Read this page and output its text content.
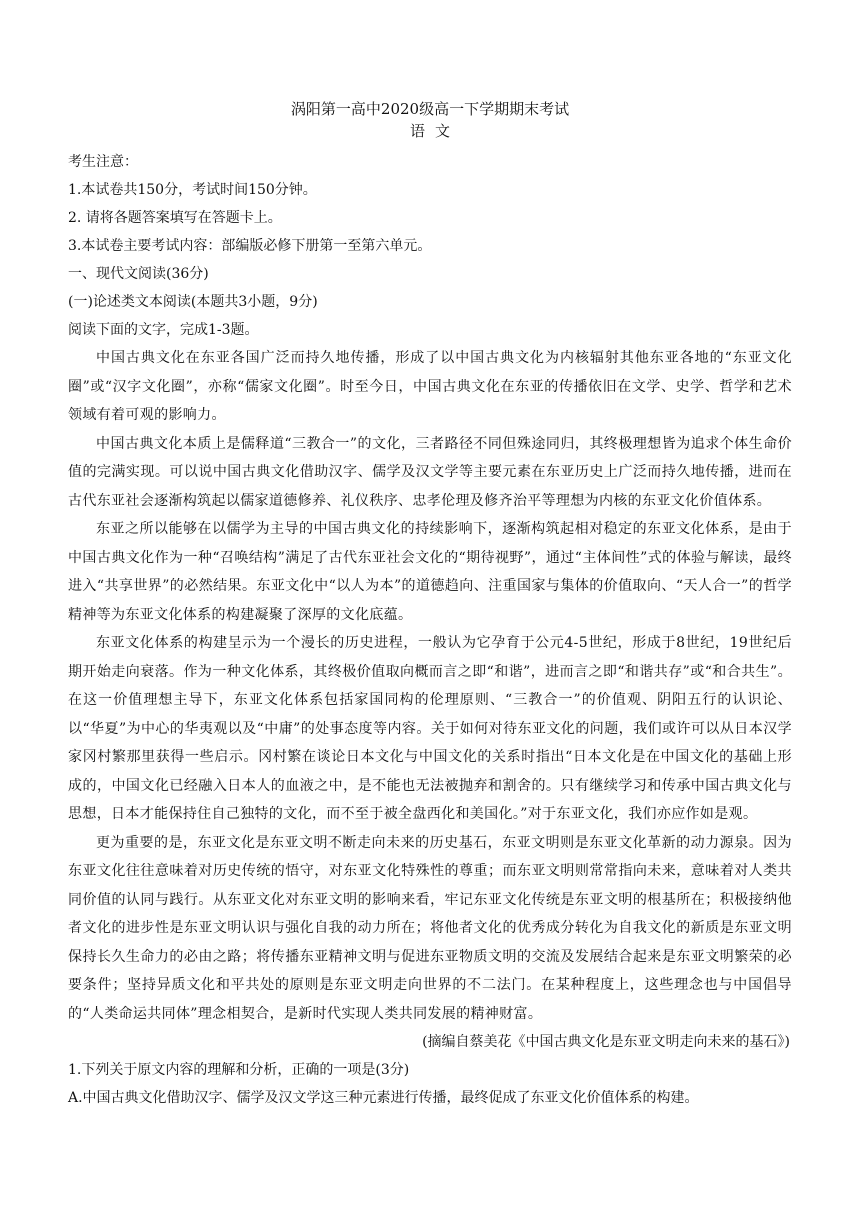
涡阳第一高中2020级高一下学期期末考试

语文

考生注意：

1.本试卷共150分，考试时间150分钟。

2. 请将各题答案填写在答题卡上。

3.本试卷主要考试内容：部编版必修下册第一至第六单元。

一、现代文阅读(36分)

(一)论述类文本阅读(本题共3小题，9分)

阅读下面的文字，完成1-3题。

中国古典文化在东亚各国广泛而持久地传播，形成了以中国古典文化为内核辐射其他东亚各地的“东亚文化圈”或“汉字文化圈”，亦称“儒家文化圈”。时至今日，中国古典文化在东亚的传播依旧在文学、史学、哲学和艺术领域有着可观的影响力。

中国古典文化本质上是儒释道“三教合一”的文化，三者路径不同但殊途同归，其终极理想皆为追求个体生命价值的完满实现。可以说中国古典文化借助汉字、儒学及汉文学等主要元素在东亚历史上广泛而持久地传播，进而在古代东亚社会逐渐构筑起以儒家道德修养、礼仪秩序、忠孝伦理及修齐治平等理想为内核的东亚文化价值体系。

东亚之所以能够在以儒学为主导的中国古典文化的持续影响下，逐渐构筑起相对稳定的东亚文化体系，是由于中国古典文化作为一种“召唤结构”满足了古代东亚社会文化的“期待视野”，通过“主体间性”式的体验与解读，最终进入“共享世界”的必然结果。东亚文化中“以人为本”的道德趋向、注重国家与集体的价值取向、“天人合一”的哲学精神等为东亚文化体系的构建凝聚了深厚的文化底蕴。

东亚文化体系的构建呈示为一个漫长的历史进程，一般认为它孕育于公元4-5世纪，形成于8世纪，19世纪后期开始走向衰落。作为一种文化体系，其终极价值取向概而言之即“和谐”，进而言之即“和谐共存”或“和合共生”。在这一价值理想主导下，东亚文化体系包括家国同构的伦理原则、“三教合一”的价值观、阴阳五行的认识论、以“华夏”为中心的华夷观以及“中庸”的处事态度等内容。关于如何对待东亚文化的问题，我们或许可以从日本汉学家冈村繁那里获得一些启示。冈村繁在谈论日本文化与中国文化的关系时指出“日本文化是在中国文化的基础上形成的，中国文化已经融入日本人的血液之中，是不能也无法被抛弃和割舍的。只有继续学习和传承中国古典文化与思想，日本才能保持住自己独特的文化，而不至于被全盘西化和美国化。”对于东亚文化，我们亦应作如是观。

更为重要的是，东亚文化是东亚文明不断走向未来的历史基石，东亚文明则是东亚文化革新的动力源泉。因为东亚文化往往意味着对历史传统的悟守，对东亚文化特殊性的尊重；而东亚文明则常常指向未来，意味着对人类共同价值的认同与践行。从东亚文化对东亚文明的影响来看，牢记东亚文化传统是东亚文明的根基所在；积极接纳他者文化的进步性是东亚文明认识与强化自我的动力所在；将他者文化的优秀成分转化为自我文化的新质是东亚文明保持长久生命力的必由之路；将传播东亚精神文明与促进东亚物质文明的交流及发展结合起来是东亚文明繁荣的必要条件；坚持异质文化和平共处的原则是东亚文明走向世界的不二法门。在某种程度上，这些理念也与中国倡导的“人类命运共同体”理念相契合，是新时代实现人类共同发展的精神财富。

(摘编自蔡美花《中国古典文化是东亚文明走向未来的基石》)

1.下列关于原文内容的理解和分析，正确的一项是(3分)

A.中国古典文化借助汉字、儒学及汉文学这三种元素进行传播，最终促成了东亚文化价值体系的构建。
